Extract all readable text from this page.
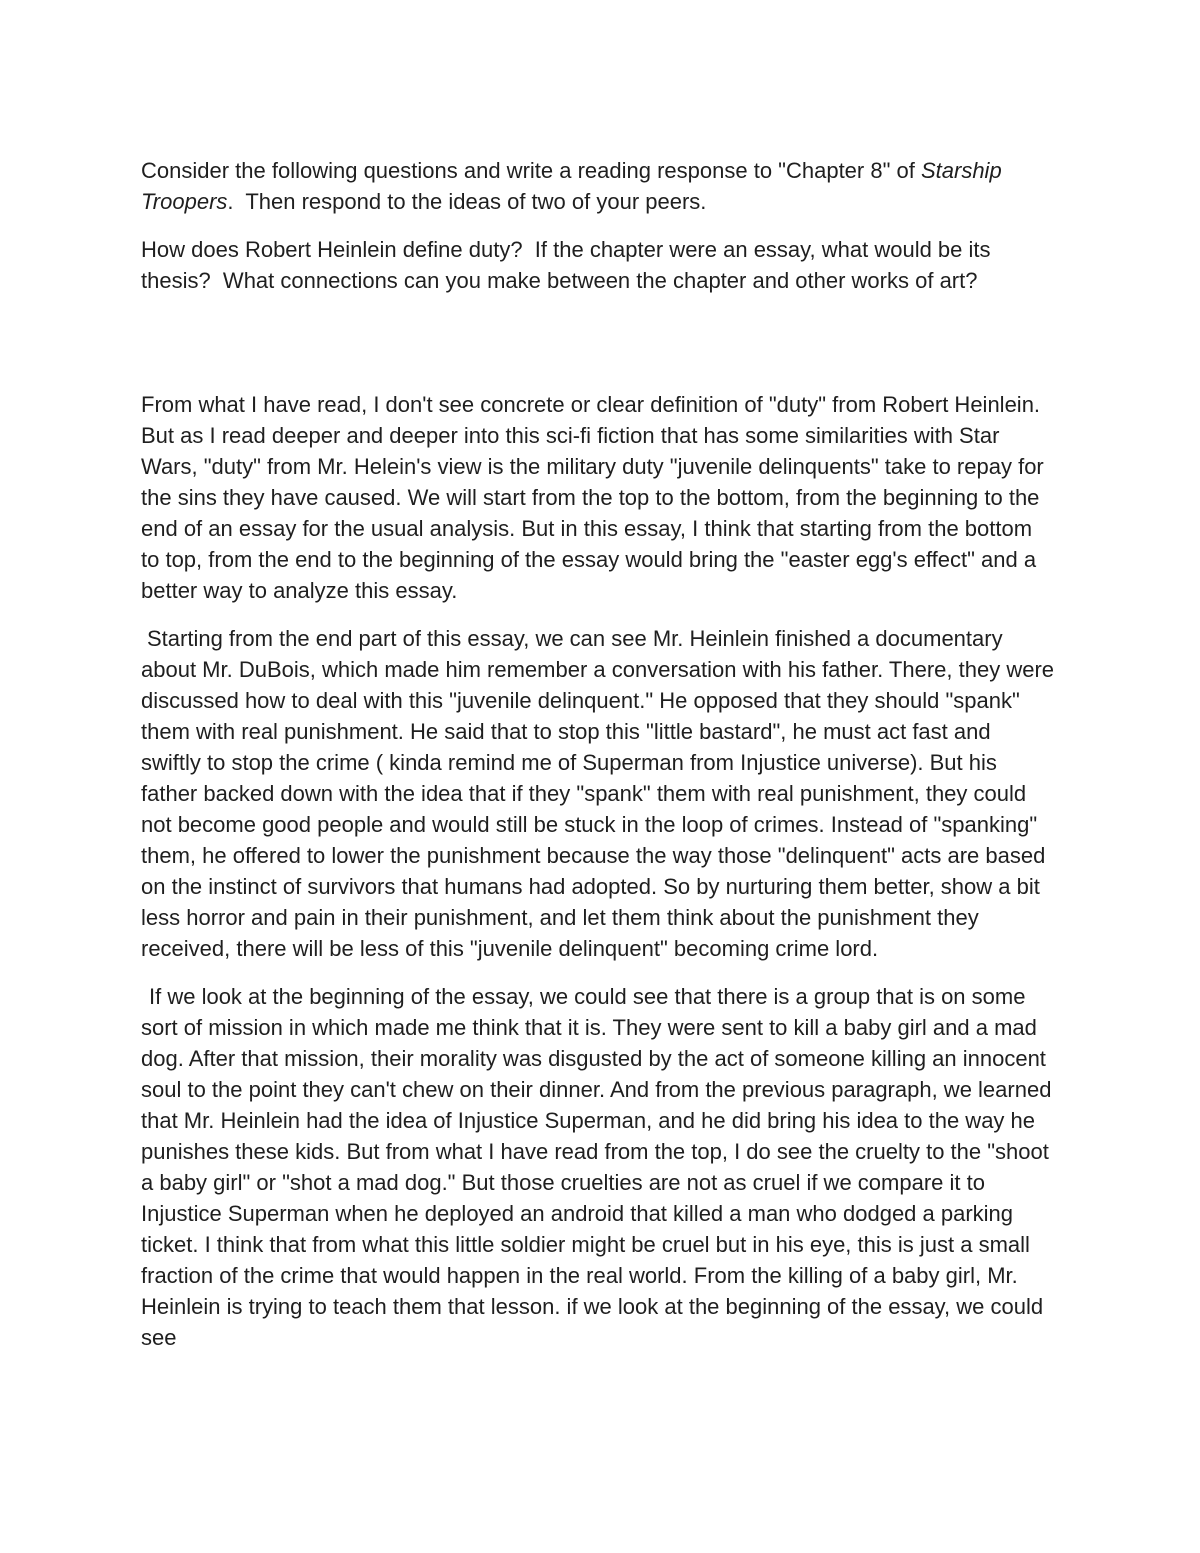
Consider the following questions and write a reading response to "Chapter 8" of Starship Troopers.  Then respond to the ideas of two of your peers.

How does Robert Heinlein define duty?  If the chapter were an essay, what would be its thesis?  What connections can you make between the chapter and other works of art?

From what I have read, I don't see concrete or clear definition of "duty" from Robert Heinlein. But as I read deeper and deeper into this sci-fi fiction that has some similarities with Star Wars, "duty" from Mr. Helein's view is the military duty "juvenile delinquents" take to repay for the sins they have caused. We will start from the top to the bottom, from the beginning to the end of an essay for the usual analysis. But in this essay, I think that starting from the bottom to top, from the end to the beginning of the essay would bring the "easter egg's effect" and a better way to analyze this essay.

Starting from the end part of this essay, we can see Mr. Heinlein finished a documentary about Mr. DuBois, which made him remember a conversation with his father. There, they were discussed how to deal with this "juvenile delinquent." He opposed that they should "spank" them with real punishment. He said that to stop this "little bastard", he must act fast and swiftly to stop the crime ( kinda remind me of Superman from Injustice universe). But his father backed down with the idea that if they "spank" them with real punishment, they could not become good people and would still be stuck in the loop of crimes. Instead of "spanking" them, he offered to lower the punishment because the way those "delinquent" acts are based on the instinct of survivors that humans had adopted. So by nurturing them better, show a bit less horror and pain in their punishment, and let them think about the punishment they received, there will be less of this "juvenile delinquent" becoming crime lord.

If we look at the beginning of the essay, we could see that there is a group that is on some sort of mission in which made me think that it is. They were sent to kill a baby girl and a mad dog. After that mission, their morality was disgusted by the act of someone killing an innocent soul to the point they can't chew on their dinner. And from the previous paragraph, we learned that Mr. Heinlein had the idea of Injustice Superman, and he did bring his idea to the way he punishes these kids. But from what I have read from the top, I do see the cruelty to the "shoot a baby girl" or "shot a mad dog." But those cruelties are not as cruel if we compare it to Injustice Superman when he deployed an android that killed a man who dodged a parking ticket. I think that from what this little soldier might be cruel but in his eye, this is just a small fraction of the crime that would happen in the real world. From the killing of a baby girl, Mr. Heinlein is trying to teach them that lesson. if we look at the beginning of the essay, we could see
